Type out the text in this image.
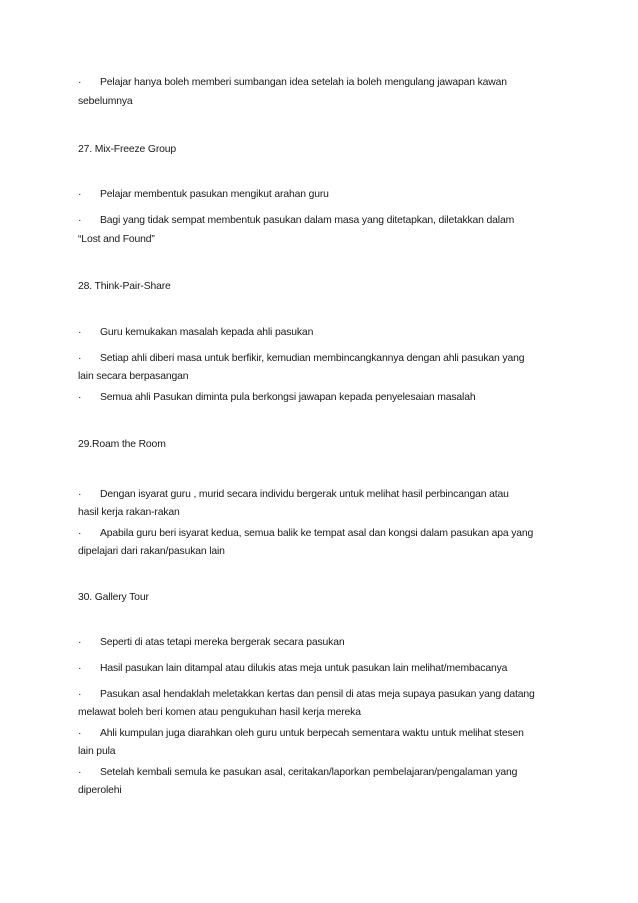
· Pelajar hanya boleh memberi sumbangan idea setelah ia boleh mengulang jawapan kawan
sebelumnya
27. Mix-Freeze Group
· Pelajar membentuk pasukan mengikut arahan guru
· Bagi yang tidak sempat membentuk pasukan dalam masa yang ditetapkan, diletakkan dalam
“Lost and Found”
28. Think-Pair-Share
· Guru kemukakan masalah kepada ahli pasukan
· Setiap ahli diberi masa untuk berfikir, kemudian membincangkannya dengan ahli pasukan yang
lain secara berpasangan
· Semua ahli Pasukan diminta pula berkongsi jawapan kepada penyelesaian masalah
29.Roam the Room
· Dengan isyarat guru , murid secara individu bergerak untuk melihat hasil perbincangan atau
hasil kerja rakan-rakan
· Apabila guru beri isyarat kedua, semua balik ke tempat asal dan kongsi dalam pasukan apa yang
dipelajari dari rakan/pasukan lain
30. Gallery Tour
· Seperti di atas tetapi mereka bergerak secara pasukan
· Hasil pasukan lain ditampal atau dilukis atas meja untuk pasukan lain melihat/membacanya
· Pasukan asal hendaklah meletakkan kertas dan pensil di atas meja supaya pasukan yang datang
melawat boleh beri komen atau pengukuhan hasil kerja mereka
· Ahli kumpulan juga diarahkan oleh guru untuk berpecah sementara waktu untuk melihat stesen
lain pula
· Setelah kembali semula ke pasukan asal, ceritakan/laporkan pembelajaran/pengalaman yang
diperolehi
